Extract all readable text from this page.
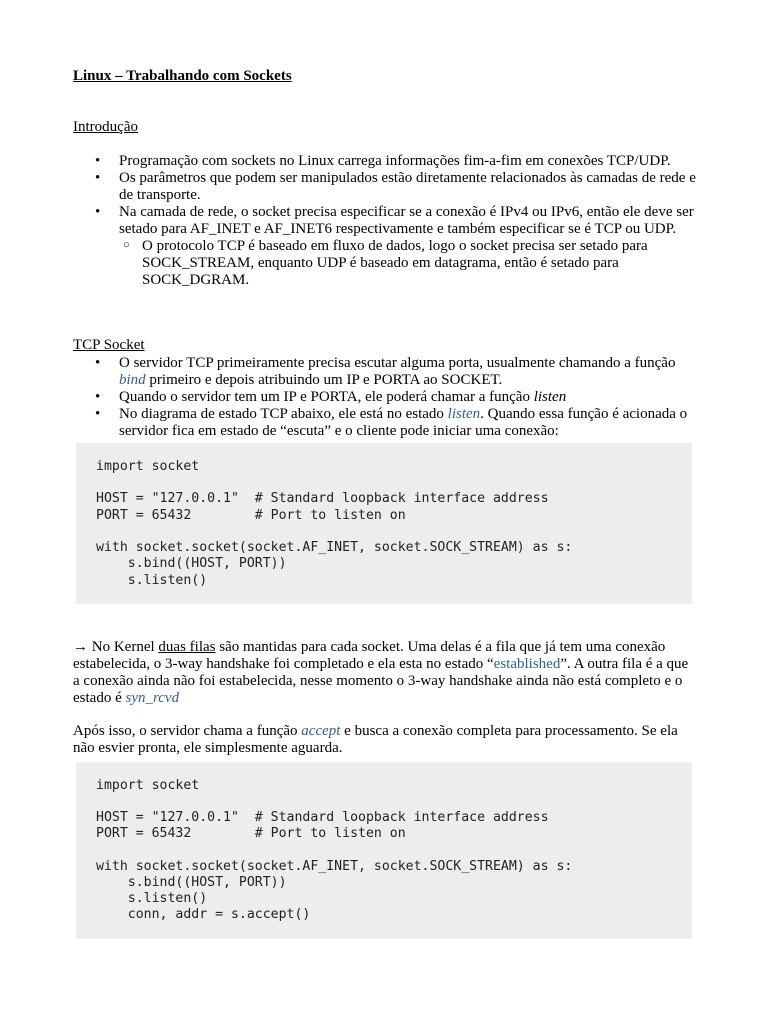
Linux – Trabalhando com Sockets
Introdução
• Programação com sockets no Linux carrega informações fim-a-fim em conexões TCP/UDP.
• Os parâmetros que podem ser manipulados estão diretamente relacionados às camadas de rede e de transporte.
• Na camada de rede, o socket precisa especificar se a conexão é IPv4 ou IPv6, então ele deve ser setado para AF_INET e AF_INET6 respectivamente e também especificar se é TCP ou UDP.
○ O protocolo TCP é baseado em fluxo de dados, logo o socket precisa ser setado para SOCK_STREAM, enquanto UDP é baseado em datagrama, então é setado para SOCK_DGRAM.
TCP Socket
• O servidor TCP primeiramente precisa escutar alguma porta, usualmente chamando a função bind primeiro e depois atribuindo um IP e PORTA ao SOCKET.
• Quando o servidor tem um IP e PORTA, ele poderá chamar a função listen
• No diagrama de estado TCP abaixo, ele está no estado listen. Quando essa função é acionada o servidor fica em estado de “escuta” e o cliente pode iniciar uma conexão:
import socket
HOST = "127.0.0.1"  # Standard loopback interface address
PORT = 65432        # Port to listen on
with socket.socket(socket.AF_INET, socket.SOCK_STREAM) as s:
s.bind((HOST, PORT))
s.listen()
→ No Kernel duas filas são mantidas para cada socket. Uma delas é a fila que já tem uma conexão estabelecida, o 3-way handshake foi completado e ela esta no estado “established”. A outra fila é a que a conexão ainda não foi estabelecida, nesse momento o 3-way handshake ainda não está completo e o estado é syn_rcvd
Após isso, o servidor chama a função accept e busca a conexão completa para processamento. Se ela não esvier pronta, ele simplesmente aguarda.
import socket
HOST = "127.0.0.1"  # Standard loopback interface address
PORT = 65432        # Port to listen on
with socket.socket(socket.AF_INET, socket.SOCK_STREAM) as s:
s.bind((HOST, PORT))
s.listen()
conn, addr = s.accept()
